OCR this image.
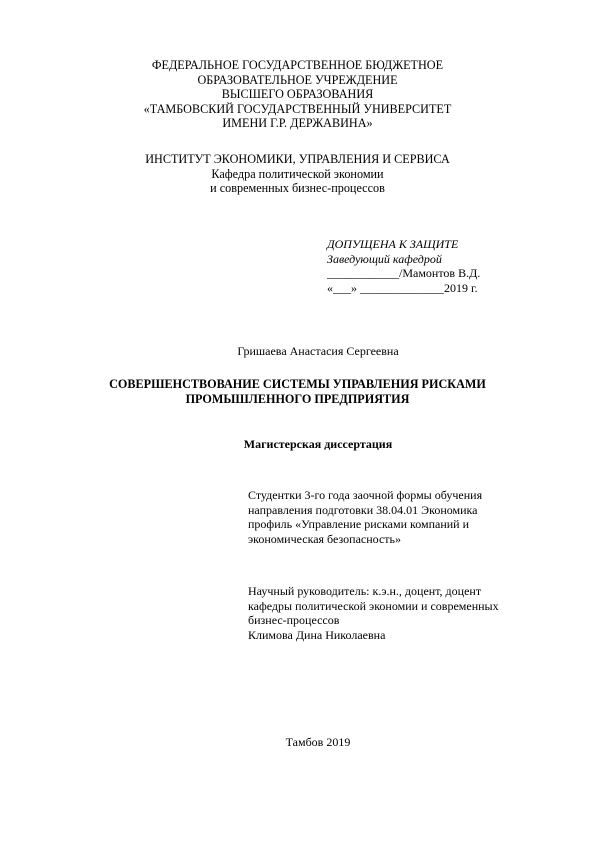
ФЕДЕРАЛЬНОЕ ГОСУДАРСТВЕННОЕ БЮДЖЕТНОЕ
ОБРАЗОВАТЕЛЬНОЕ УЧРЕЖДЕНИЕ
ВЫСШЕГО ОБРАЗОВАНИЯ
«ТАМБОВСКИЙ ГОСУДАРСТВЕННЫЙ УНИВЕРСИТЕТ
ИМЕНИ Г.Р. ДЕРЖАВИНА»
ИНСТИТУТ ЭКОНОМИКИ, УПРАВЛЕНИЯ И СЕРВИСА
Кафедра политической экономии
и современных бизнес-процессов
ДОПУЩЕНА К ЗАЩИТЕ
Заведующий кафедрой
____________/Мамонтов В.Д.
«___» ______________2019 г.
Гришаева Анастасия Сергеевна
СОВЕРШЕНСТВОВАНИЕ СИСТЕМЫ УПРАВЛЕНИЯ РИСКАМИ
ПРОМЫШЛЕННОГО ПРЕДПРИЯТИЯ
Магистерская диссертация
Студентки 3-го года заочной формы обучения
направления подготовки 38.04.01 Экономика
профиль «Управление рисками компаний и
экономическая безопасность»
Научный руководитель: к.э.н., доцент, доцент
кафедры политической экономии и современных
бизнес-процессов
Климова Дина Николаевна
Тамбов 2019
